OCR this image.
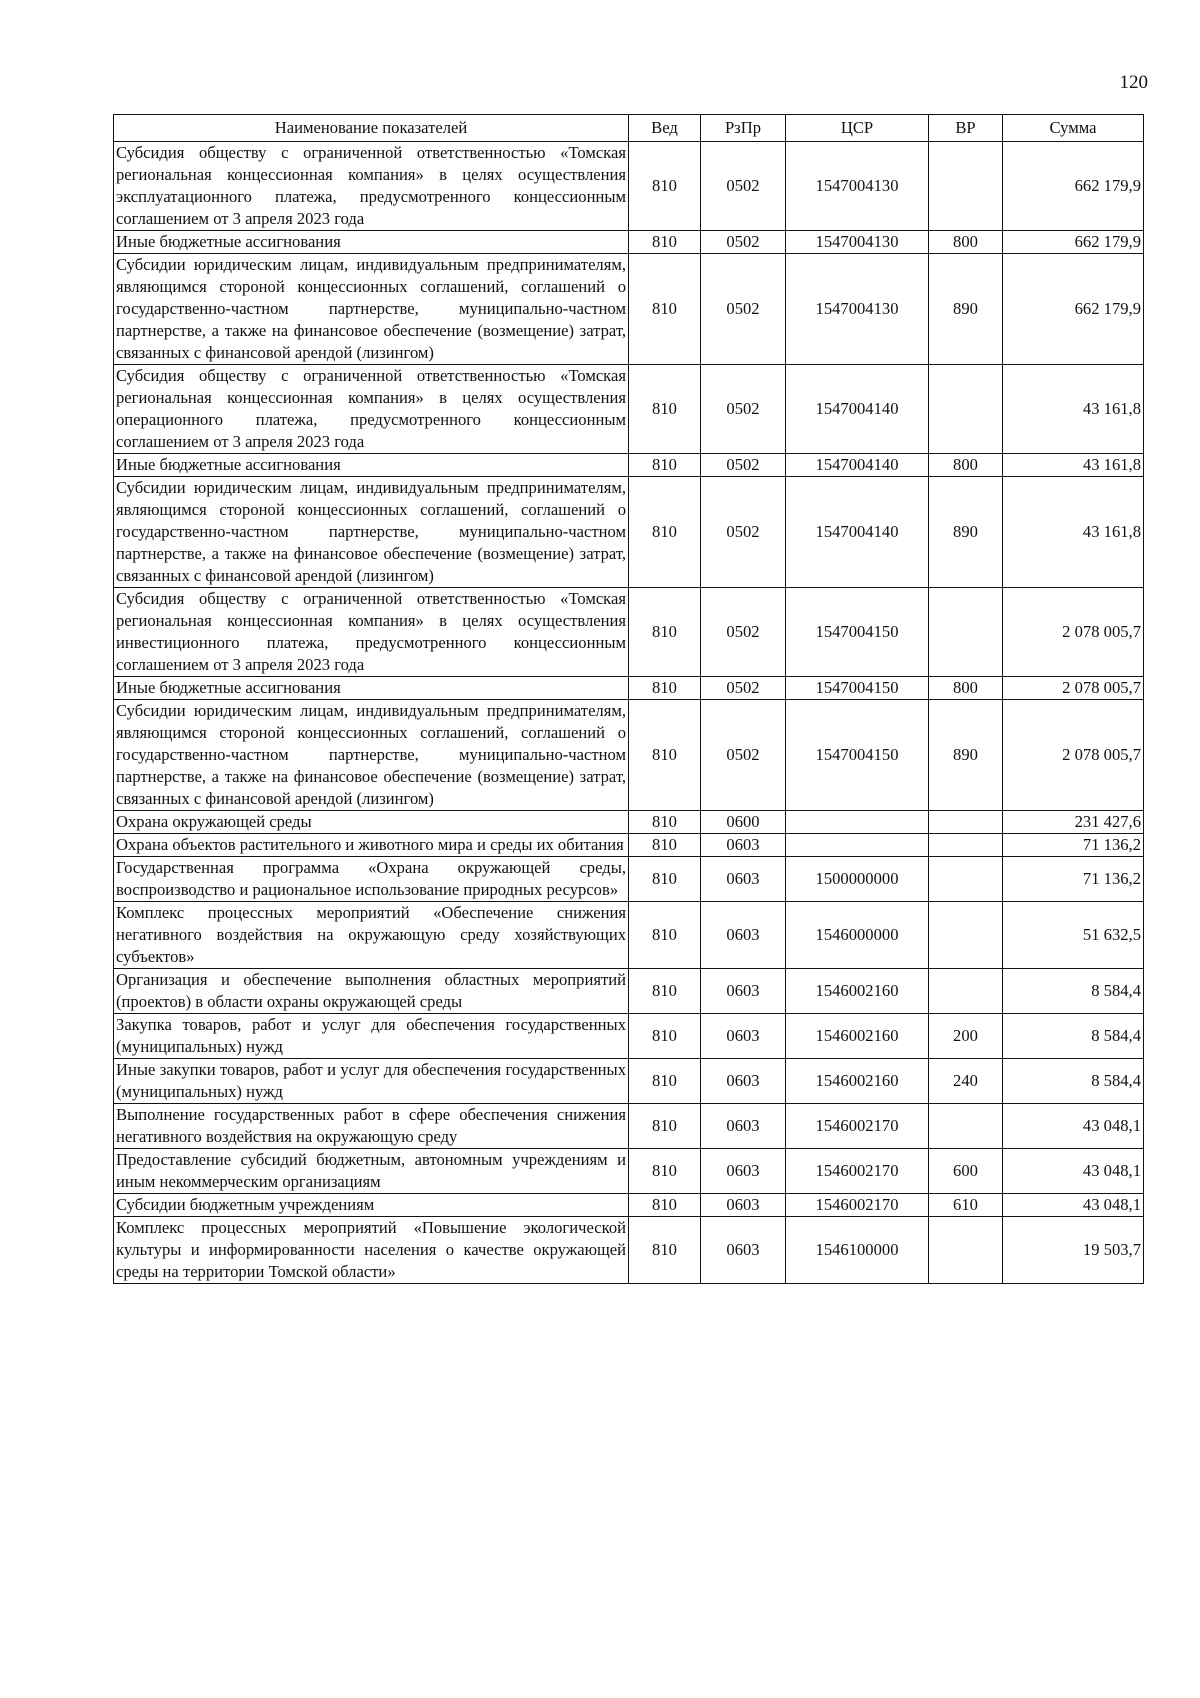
120
Наименование показателей	Вед	РзПр	ЦСР	ВР	Сумма
Субсидия обществу с ограниченной ответственностью «Томская региональная концессионная компания» в целях осуществления эксплуатационного платежа, предусмотренного концессионным соглашением от 3 апреля 2023 года	810	0502	1547004130		662 179,9
Иные бюджетные ассигнования	810	0502	1547004130	800	662 179,9
Субсидии юридическим лицам, индивидуальным предпринимателям, являющимся стороной концессионных соглашений, соглашений о государственно-частном партнерстве, муниципально-частном партнерстве, а также на финансовое обеспечение (возмещение) затрат, связанных с финансовой арендой (лизингом)	810	0502	1547004130	890	662 179,9
Субсидия обществу с ограниченной ответственностью «Томская региональная концессионная компания» в целях осуществления операционного платежа, предусмотренного концессионным соглашением от 3 апреля 2023 года	810	0502	1547004140		43 161,8
Иные бюджетные ассигнования	810	0502	1547004140	800	43 161,8
Субсидии юридическим лицам, индивидуальным предпринимателям, являющимся стороной концессионных соглашений, соглашений о государственно-частном партнерстве, муниципально-частном партнерстве, а также на финансовое обеспечение (возмещение) затрат, связанных с финансовой арендой (лизингом)	810	0502	1547004140	890	43 161,8
Субсидия обществу с ограниченной ответственностью «Томская региональная концессионная компания» в целях осуществления инвестиционного платежа, предусмотренного концессионным соглашением от 3 апреля 2023 года	810	0502	1547004150		2 078 005,7
Иные бюджетные ассигнования	810	0502	1547004150	800	2 078 005,7
Субсидии юридическим лицам, индивидуальным предпринимателям, являющимся стороной концессионных соглашений, соглашений о государственно-частном партнерстве, муниципально-частном партнерстве, а также на финансовое обеспечение (возмещение) затрат, связанных с финансовой арендой (лизингом)	810	0502	1547004150	890	2 078 005,7
Охрана окружающей среды	810	0600			231 427,6
Охрана объектов растительного и животного мира и среды их обитания	810	0603			71 136,2
Государственная программа «Охрана окружающей среды, воспроизводство и рациональное использование природных ресурсов»	810	0603	1500000000		71 136,2
Комплекс процессных мероприятий «Обеспечение снижения негативного воздействия на окружающую среду хозяйствующих субъектов»	810	0603	1546000000		51 632,5
Организация и обеспечение выполнения областных мероприятий (проектов) в области охраны окружающей среды	810	0603	1546002160		8 584,4
Закупка товаров, работ и услуг для обеспечения государственных (муниципальных) нужд	810	0603	1546002160	200	8 584,4
Иные закупки товаров, работ и услуг для обеспечения государственных (муниципальных) нужд	810	0603	1546002160	240	8 584,4
Выполнение государственных работ в сфере обеспечения снижения негативного воздействия на окружающую среду	810	0603	1546002170		43 048,1
Предоставление субсидий бюджетным, автономным учреждениям и иным некоммерческим организациям	810	0603	1546002170	600	43 048,1
Субсидии бюджетным учреждениям	810	0603	1546002170	610	43 048,1
Комплекс процессных мероприятий «Повышение экологической культуры и информированности населения о качестве окружающей среды на территории Томской области»	810	0603	1546100000		19 503,7
